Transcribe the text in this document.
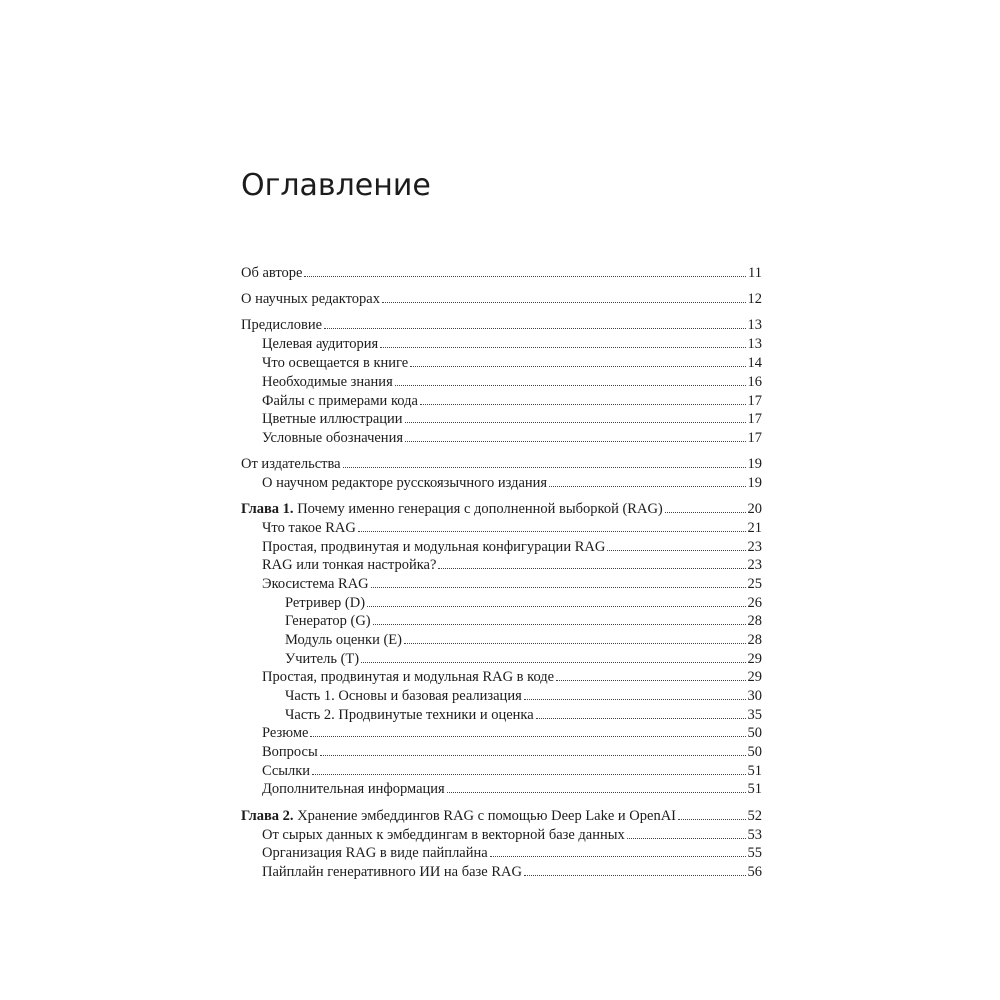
Оглавление
Об авторе	11
О научных редакторах	12
Предисловие	13
Целевая аудитория	13
Что освещается в книге	14
Необходимые знания	16
Файлы с примерами кода	17
Цветные иллюстрации	17
Условные обозначения	17
От издательства	19
О научном редакторе русскоязычного издания	19
Глава 1. Почему именно генерация с дополненной выборкой (RAG)	20
Что такое RAG	21
Простая, продвинутая и модульная конфигурации RAG	23
RAG или тонкая настройка?	23
Экосистема RAG	25
Ретривер (D)	26
Генератор (G)	28
Модуль оценки (E)	28
Учитель (T)	29
Простая, продвинутая и модульная RAG в коде	29
Часть 1. Основы и базовая реализация	30
Часть 2. Продвинутые техники и оценка	35
Резюме	50
Вопросы	50
Ссылки	51
Дополнительная информация	51
Глава 2. Хранение эмбеддингов RAG с помощью Deep Lake и OpenAI	52
От сырых данных к эмбеддингам в векторной базе данных	53
Организация RAG в виде пайплайна	55
Пайплайн генеративного ИИ на базе RAG	56
